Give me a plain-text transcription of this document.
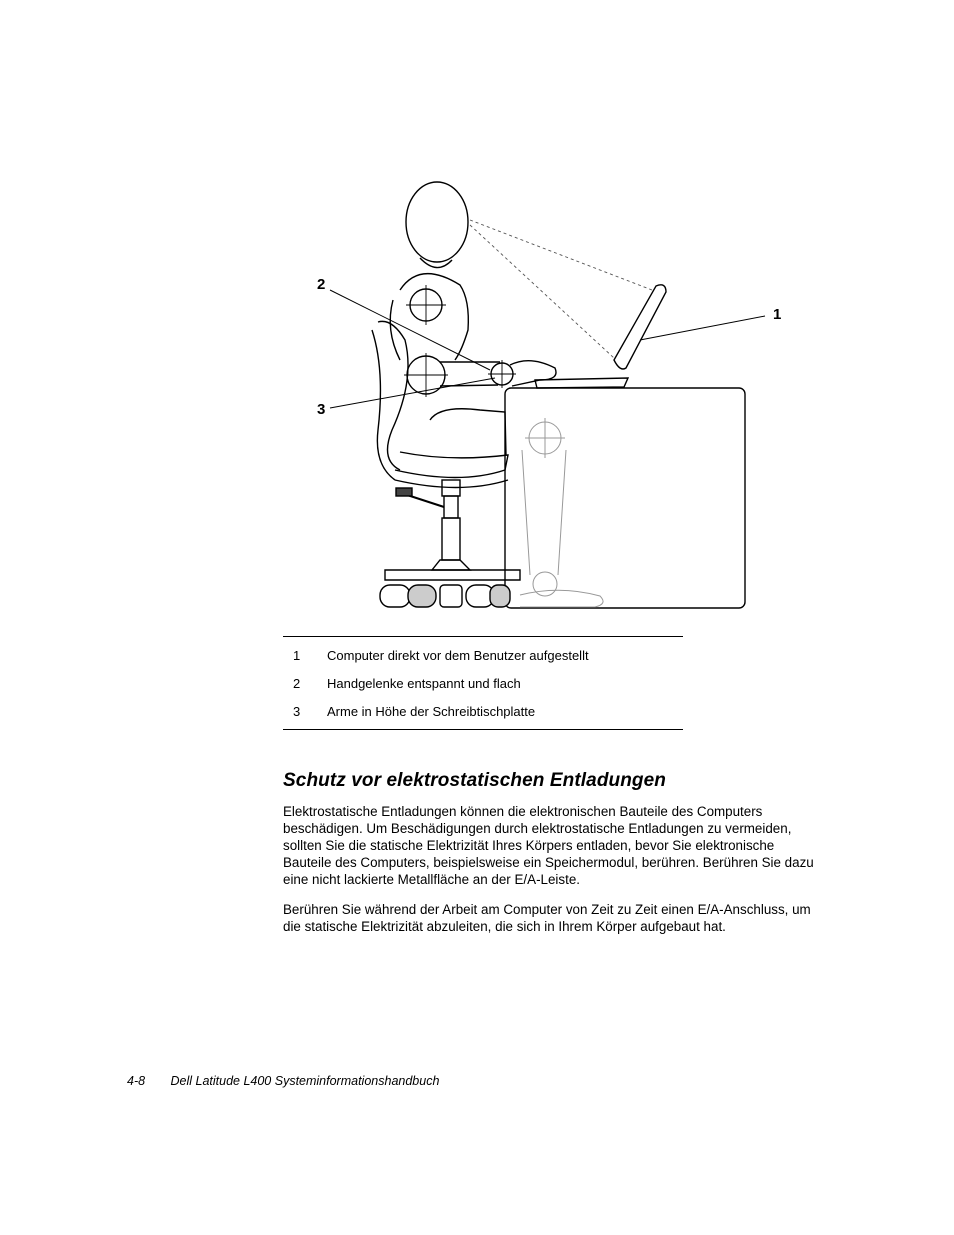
1
2
3
1	Computer direkt vor dem Benutzer aufgestellt
2	Handgelenke entspannt und flach
3	Arme in Höhe der Schreibtischplatte
Schutz vor elektrostatischen Entladungen

Elektrostatische Entladungen können die elektronischen Bauteile des Computers beschädigen. Um Beschädigungen durch elektrostatische Entladungen zu vermeiden, sollten Sie die statische Elektrizität Ihres Körpers entladen, bevor Sie elektronische Bauteile des Computers, beispielsweise ein Speichermodul, berühren. Berühren Sie dazu eine nicht lackierte Metallfläche an der E/A-Leiste.

Berühren Sie während der Arbeit am Computer von Zeit zu Zeit einen E/A-Anschluss, um die statische Elektrizität abzuleiten, die sich in Ihrem Körper aufgebaut hat.

4-8 Dell Latitude L400 Systeminformationshandbuch
